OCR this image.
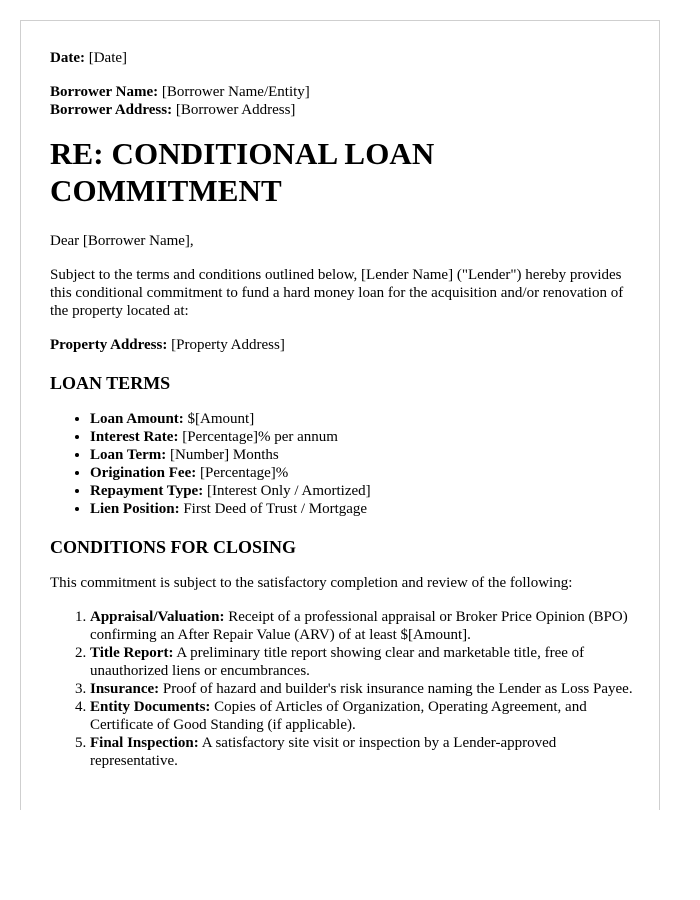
Date: [Date]

Borrower Name: [Borrower Name/Entity]

Borrower Address: [Borrower Address]

RE: CONDITIONAL LOAN COMMITMENT

Dear [Borrower Name],

Subject to the terms and conditions outlined below, [Lender Name] ("Lender") hereby provides this conditional commitment to fund a hard money loan for the acquisition and/or renovation of the property located at:

Property Address: [Property Address]

LOAN TERMS
• Loan Amount: $[Amount]
• Interest Rate: [Percentage]% per annum
• Loan Term: [Number] Months
• Origination Fee: [Percentage]%
• Repayment Type: [Interest Only / Amortized]
• Lien Position: First Deed of Trust / Mortgage
CONDITIONS FOR CLOSING

This commitment is subject to the satisfactory completion and review of the following:

1. Appraisal/Valuation: Receipt of a professional appraisal or Broker Price Opinion (BPO) confirming an After Repair Value (ARV) of at least $[Amount].
2. Title Report: A preliminary title report showing clear and marketable title, free of unauthorized liens or encumbrances.
3. Insurance: Proof of hazard and builder's risk insurance naming the Lender as Loss Payee.
4. Entity Documents: Copies of Articles of Organization, Operating Agreement, and Certificate of Good Standing (if applicable).
5. Final Inspection: A satisfactory site visit or inspection by a Lender-approved representative.
